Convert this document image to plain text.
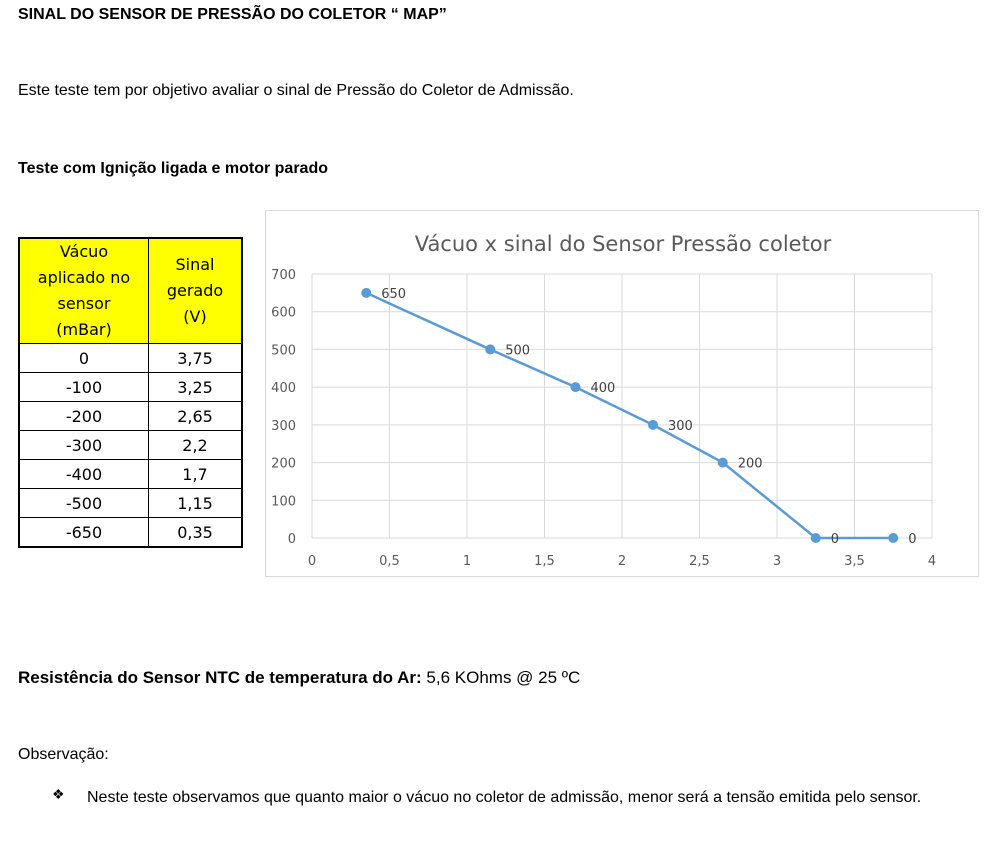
SINAL DO SENSOR DE PRESSÃO DO COLETOR “ MAP”
Este teste tem por objetivo avaliar o sinal de Pressão do Coletor de Admissão.
Teste com Ignição ligada e motor parado
Vácuo
aplicado no
sensor
(mBar)	Sinal
gerado
(V)
0	3,75
-100	3,25
-200	2,65
-300	2,2
-400	1,7
-500	1,15
-650	0,35
Vácuo x sinal do Sensor Pressão coletor
0	0,5	1	1,5	2	2,5	3	3,5	4
0
100
200
300
400
500
600
700
650
500
400
300
200
0	0
Resistência do Sensor NTC de temperatura do Ar: 5,6 KOhms @ 25 ºC
Observação:
❖ Neste teste observamos que quanto maior o vácuo no coletor de admissão, menor será a tensão emitida pelo sensor.
